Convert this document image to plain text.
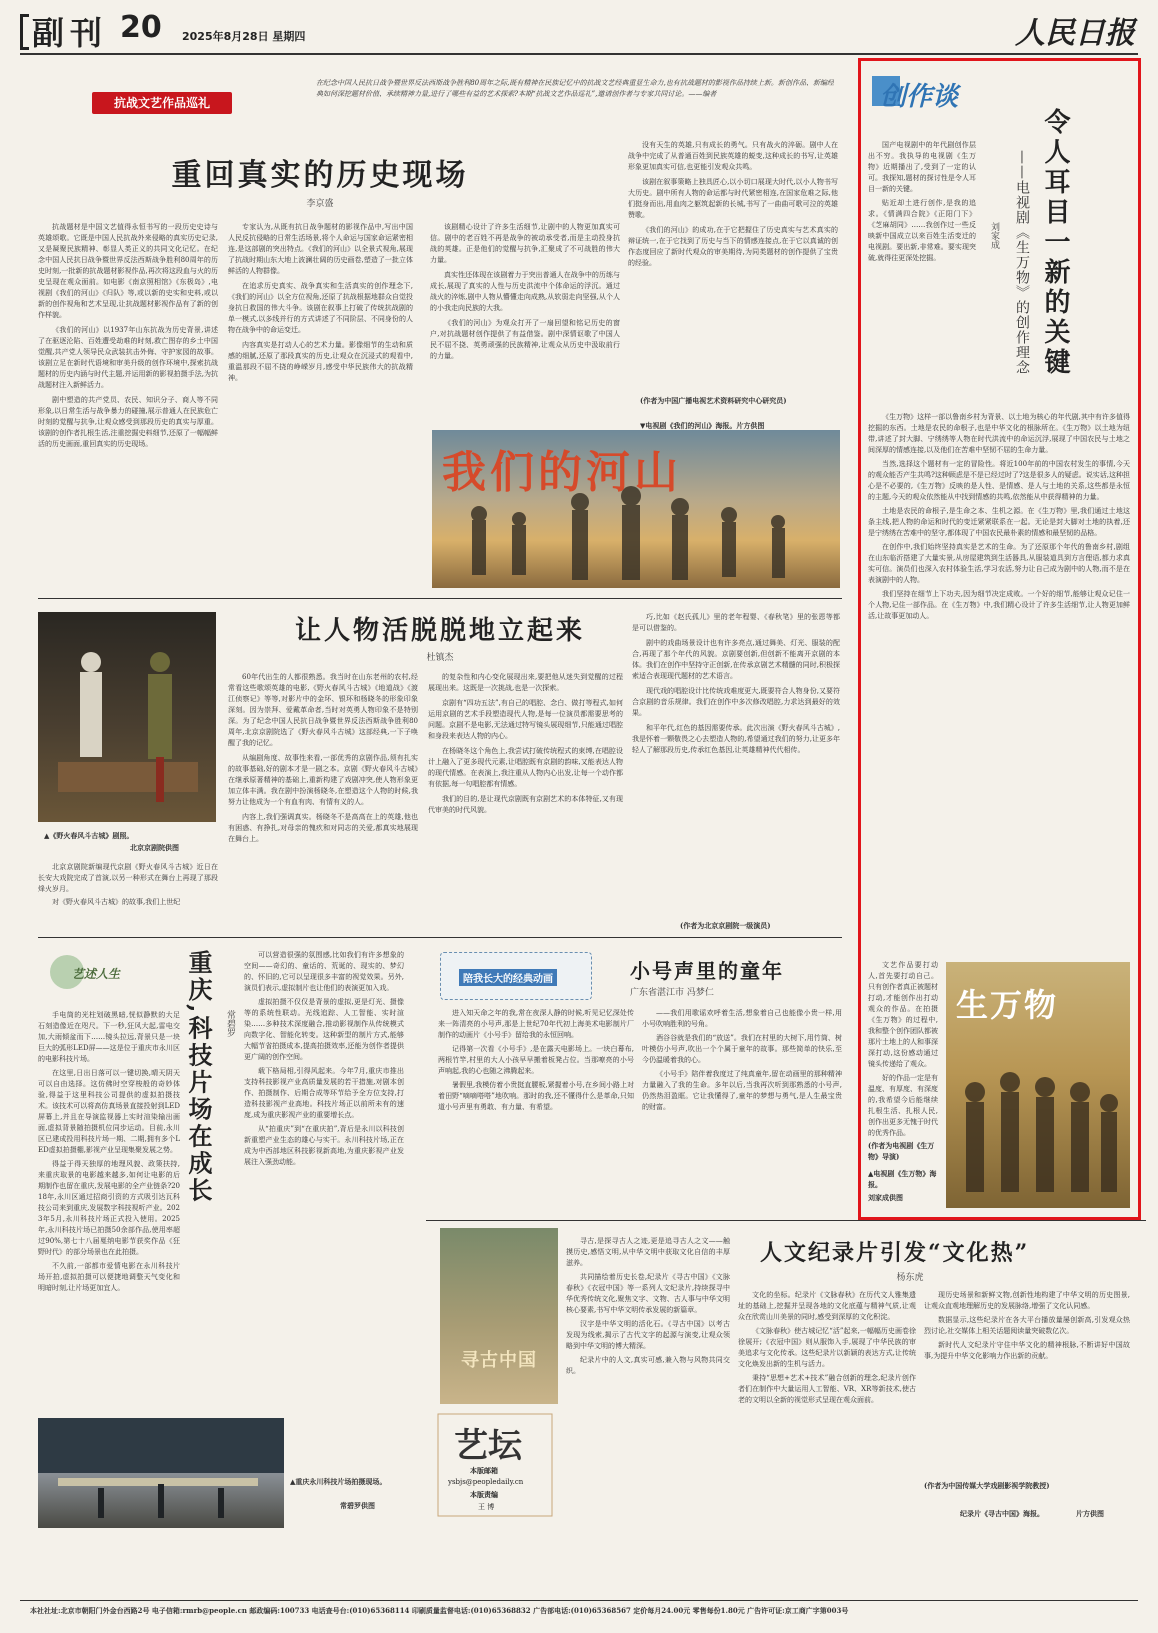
副刊 20 2025年8月28日 星期四	人民日报
抗战文艺作品巡礼
在纪念中国人民抗日战争暨世界反法西斯战争胜利80周年之际,既有精神在民族记忆中的抗战文艺经典重显生命力,也有抗战题材的影视作品持续上新。新创作品、新编经典如何深挖题材价值、承续精神力量,进行了哪些有益的艺术探索?本期“抗战文艺作品巡礼”,邀请创作者与专家共同讨论。——编者
重回真实的历史现场
李京盛

抗战题材是中国文艺值得永恒书写的一段历史史诗与英雄颂歌。它既是中国人民抗战外来侵略的真实历史记录,又是凝聚民族精神、彰显人类正义的共同文化记忆。在纪念中国人民抗日战争暨世界反法西斯战争胜利80周年的历史时刻,一批新的抗战题材影视作品,再次将这段血与火的历史呈现在观众面前。如电影《南京照相馆》《东极岛》,电视剧《我们的河山》《归队》等,或以新的史实和史料,或以新的创作视角和艺术呈现,让抗战题材影视作品有了新的创作样貌。

《我们的河山》以1937年山东抗战为历史背景,讲述了在驱逐沦陷、百姓遭受劫难的时刻,救亡图存的乡土中国觉醒,共产党人领导民众武装抗击外侮、守护家园的故事。该剧立足在新时代语境和审美升级的创作环境中,探索抗战题材的历史内涵与时代主题,并运用新的影视拍摄手法,为抗战题材注入新鲜活力。

剧中塑造的共产党员、农民、知识分子、商人等不同形象,以日常生活与战争暴力的碰撞,展示普通人在民族危亡时刻的觉醒与抗争,让观众感受到那段历史的真实与厚重。该剧的创作者扎根生活,注重挖掘史料细节,还原了一幅幅鲜活的历史画面,重回真实的历史现场。

专家认为,从既有抗日战争题材的影视作品中,写出中国人民反抗侵略的日常生活场景,将个人命运与国家命运紧密相连,是这部剧的突出特点。《我们的河山》以全景式视角,展现了抗战时期山东大地上波澜壮阔的历史画卷,塑造了一批立体鲜活的人物群像。

在追求历史真实、战争真实和生活真实的创作理念下,《我们的河山》以全方位视角,还原了抗战根据地群众自觉投身抗日救国的伟大斗争。该剧在叙事上打破了传统抗战剧的单一模式,以多线并行的方式讲述了不同阶层、不同身份的人物在战争中的命运变迁。

内容真实是打动人心的艺术力量。影像细节的生动和质感的细腻,还原了那段真实的历史,让观众在沉浸式的观看中,重温那段不屈不挠的峥嵘岁月,感受中华民族伟大的抗战精神。

该剧精心设计了许多生活细节,让剧中的人物更加真实可信。剧中的老百姓不再是战争的被动承受者,而是主动投身抗战的英雄。正是他们的觉醒与抗争,汇聚成了不可战胜的伟大力量。

真实性还体现在该剧着力于突出普通人在战争中的历练与成长,展现了真实的人性与历史洪流中个体命运的浮沉。通过战火的淬炼,剧中人物从懵懂走向成熟,从软弱走向坚强,从个人的小我走向民族的大我。

《我们的河山》为观众打开了一扇回望和铭记历史的窗户,对抗战题材创作提供了有益借鉴。剧中深情讴歌了中国人民不屈不挠、英勇顽强的民族精神,让观众从历史中汲取前行的力量。

没有天生的英雄,只有成长的勇气。只有战火的淬砺。剧中人在战争中完成了从普通百姓到民族英雄的蜕变,这种成长的书写,让英雄形象更加真实可信,也更能引发观众共鸣。

该剧在叙事策略上独具匠心,以小切口展现大时代,以小人物书写大历史。剧中所有人物的命运都与时代紧密相连,在国家危难之际,他们挺身而出,用血肉之躯筑起新的长城,书写了一曲曲可歌可泣的英雄赞歌。

《我们的河山》的成功,在于它把握住了历史真实与艺术真实的辩证统一,在于它找到了历史与当下的情感连接点,在于它以真诚的创作态度回应了新时代观众的审美期待,为同类题材的创作提供了宝贵的经验。

(作者为中国广播电视艺术资料研究中心研究员)
▼电视剧《我们的河山》海报。片方供图
我们的河山
让人物活脱脱地立起来
杜镇杰
▲《野火春风斗古城》剧照。
北京京剧院供图

北京京剧院新编现代京剧《野火春风斗古城》近日在长安大戏院完成了首演,以另一种形式在舞台上再现了那段烽火岁月。

对《野火春风斗古城》的故事,我们上世纪

60年代出生的人都很熟悉。我当时在山东老州的农村,经常看这些歌颂英雄的电影,《野火春风斗古城》《地道战》《渡江侦察记》等等,对影片中的金环、银环和杨晓冬的形象印象深刻。因为崇拜、爱戴革命者,当时对英勇人物印象不是特别深。为了纪念中国人民抗日战争暨世界反法西斯战争胜利80周年,北京京剧院选了《野火春风斗古城》这部经典,一下子唤醒了我的记忆。

从编剧角度、故事性来看,一部优秀的京剧作品,须有扎实的故事基础,好的剧本才是一剧之本。京剧《野火春风斗古城》在继承原著精神的基础上,重新构建了戏剧冲突,使人物形象更加立体丰满。我在剧中扮演杨晓冬,在塑造这个人物的时候,我努力让他成为一个有血有肉、有情有义的人。

内容上,我们强调真实。杨晓冬不是高高在上的英雄,他也有困惑、有挣扎,对母亲的愧疚和对同志的关爱,都真实地展现在舞台上。

的复杂性和内心变化展现出来,要把他从迷失到觉醒的过程展现出来。这既是一次挑战,也是一次探索。

京剧有“四功五法”,有自己的唱腔、念白、做打等程式,如何运用京剧的艺术手段塑造现代人物,是每一位演员都需要思考的问题。京剧不是电影,无法通过特写镜头展现细节,只能通过唱腔和身段来表达人物的内心。

在杨晓冬这个角色上,我尝试打破传统程式的束缚,在唱腔设计上融入了更多现代元素,让唱腔既有京剧的韵味,又能表达人物的现代情感。在表演上,我注重从人物内心出发,让每一个动作都有依据,每一句唱腔都有情感。

我们的目的,是让现代京剧既有京剧艺术的本体特征,又有现代审美的时代风貌。

巧,比如《赵氏孤儿》里的老年程婴、《春秋笔》里的张恩等都是可以借鉴的。

剧中的戏曲场景设计也有许多亮点,通过舞美、灯光、服装的配合,再现了那个年代的风貌。京剧要创新,但创新不能离开京剧的本体。我们在创作中坚持守正创新,在传承京剧艺术精髓的同时,积极探索适合表现现代题材的艺术语言。

现代戏的唱腔设计比传统戏难度更大,既要符合人物身份,又要符合京剧的音乐规律。我们在创作中多次修改唱腔,力求达到最好的效果。

和平年代,红色的基因需要传承。此次出演《野火春风斗古城》,我是怀着一颗敬畏之心去塑造人物的,希望通过我们的努力,让更多年轻人了解那段历史,传承红色基因,让英雄精神代代相传。

(作者为北京京剧院一级演员)
创作谈
令人耳目一新的关键
——电视剧《生万物》的创作理念
刘家成

国产电视剧中的年代剧创作层出不穷。我执导的电视剧《生万物》近期播出了,受到了一定的认可。我探知,题材的探讨性是令人耳目一新的关键。

贴近却土进行创作,是我的追求。《情满四合院》《正阳门下》《芝麻胡同》……我创作过一些反映新中国成立以来百姓生活变迁的电视剧。要出新,非常难。要实现突破,就得往更深处挖掘。

《生万物》这样一部以鲁南乡村为背景、以土地为核心的年代剧,其中有许多值得挖掘的东西。土地是农民的命根子,也是中华文化的根脉所在。《生万物》以土地为纽带,讲述了封大脚、宁绣绣等人物在时代洪流中的命运沉浮,展现了中国农民与土地之间深厚的情感连接,以及他们在苦难中坚韧不屈的生命力量。

当然,选择这个题材有一定的冒险性。将近100年前的中国农村发生的事情,今天的观众能否产生共鸣?这种顾虑是不是已经过时了?这是很多人的疑虑。说实话,这种担心是不必要的,《生万物》反映的是人性、是情感、是人与土地的关系,这些都是永恒的主题,今天的观众依然能从中找到情感的共鸣,依然能从中获得精神的力量。

土地是农民的命根子,是生命之本、生机之源。在《生万物》里,我们通过土地这条主线,把人物的命运和时代的变迁紧紧联系在一起。无论是封大脚对土地的执着,还是宁绣绣在苦难中的坚守,都体现了中国农民最朴素的情感和最坚韧的品格。

在创作中,我们始终坚持真实是艺术的生命。为了还原那个年代的鲁南乡村,剧组在山东临沂搭建了大量实景,从房屋建筑到生活器具,从服装道具到方言俚语,都力求真实可信。演员们也深入农村体验生活,学习农活,努力让自己成为剧中的人物,而不是在表演剧中的人物。

我们坚持在细节上下功夫,因为细节决定成败。一个好的细节,能够让观众记住一个人物,记住一部作品。在《生万物》中,我们精心设计了许多生活细节,让人物更加鲜活,让故事更加动人。

文艺作品要打动人,首先要打动自己。只有创作者真正被题材打动,才能创作出打动观众的作品。在拍摄《生万物》的过程中,我和整个创作团队都被那片土地上的人和事深深打动,这份感动通过镜头传递给了观众。

好的作品一定是有温度、有厚度、有深度的,我希望今后能继续扎根生活、扎根人民,创作出更多无愧于时代的优秀作品。

(作者为电视剧《生万物》导演)
▲电视剧《生万物》海报。
刘家成供图
生万物
艺述人生	重庆,科技片场在成长 常碧罗

手电筒的光柱划破黑暗,恍似静默的大足石刻造像近在咫尺。下一秒,狂风大起,雷电交加,大雨倾盆而下……镜头拉远,背景只是一块巨大的弧形LED屏——这是位于重庆市永川区的电影科技片场。

在这里,日出日落可以一键切换,晴天阴天可以自由选择。这仿佛时空穿梭般的奇妙体验,得益于这里科技公司提供的虚拟拍摄技术。该技术可以将高仿真场景直接投射到LED屏幕上,并且在导演监视器上实时渲染输出画面,虚拟背景随拍摄机位同步运动。目前,永川区已建成投用科技片场一期、二期,拥有多个LED虚拟拍摄棚,影视产业呈现集聚发展之势。

得益于得天独厚的地理风貌、政策扶持,来重庆取景的电影越来越多,如何让电影的后期制作也留在重庆,发展电影的全产业链条?2018年,永川区通过招商引资的方式吸引达瓦科技公司来到重庆,发展数字科技视听产业。2023年5月,永川科技片场正式投入使用。2025年,永川科技片场已拍摄50余部作品,使用率超过90%,第七十八届戛纳电影节获奖作品《狂野时代》的部分场景也在此拍摄。

不久前,一部都市爱情电影在永川科技片场开拍,虚拟拍摄可以便捷地调整天气变化和明暗时刻,让片场更加宜人。

可以营造很强的氛围感,比如我们有许多想象的空间——奇幻的、童话的、荒诞的、现实的、梦幻的、怀旧的,它可以呈现很多丰富的视觉效果。另外,演员们表示,虚拟制片也让他们的表演更加入戏。

虚拟拍摄不仅仅是背景的虚拟,更是灯光、摄像等的系统性联动。光线追踪、人工智能、实时渲染……多种技术深度融合,推动影视制作从传统模式向数字化、智能化转变。这种新型的制片方式,能够大幅节省拍摄成本,提高拍摄效率,还能为创作者提供更广阔的创作空间。

载下格局相,引得风起来。今年7月,重庆市推出支持科技影视产业高质量发展的若干措施,对剧本创作、拍摄制作、后期合成等环节给予全方位支持,打造科技影视产业高地。科技片场正以前所未有的速度,成为重庆影视产业的重要增长点。

从“拍重庆”到“在重庆拍”,背后是永川以科技创新重塑产业生态的雄心与实干。永川科技片场,正在成为中西部地区科技影视新高地,为重庆影视产业发展注入强劲动能。

▲重庆永川科技片场拍摄现场。
常碧罗供图
陪我长大的经典动画	小号声里的童年
广东省湛江市 冯梦仁

进入知天命之年的我,常在夜深人静的时候,听见记忆深处传来一阵清亮的小号声,那是上世纪70年代初上海美术电影制片厂制作的动画片《小号手》留给我的永恒回响。

记得第一次看《小号手》,是在露天电影场上。一块白幕布,两根竹竿,村里的大人小孩早早搬着板凳占位。当那嘹亮的小号声响起,我的心也随之沸腾起来。

暑假里,我模仿着小贵挺直腰板,紧握着小号,在乡间小路上对着田野“嘀嘀嗒嗒”地吹响。那时的我,还不懂得什么是革命,只知道小号声里有勇敢、有力量、有希望。

——我们用歌谣欢呼着生活,想象着自己也能像小贵一样,用小号吹响胜利的号角。

酒谷谷就是我们的“放送”。我们在村里的大树下,用竹筒、树叶模仿小号声,吹出一个个属于童年的故事。那些简单的快乐,至今仍温暖着我的心。

《小号手》陪伴着我度过了纯真童年,留在动画里的那种精神力量融入了我的生命。多年以后,当我再次听到那熟悉的小号声,仍然热泪盈眶。它让我懂得了,童年的梦想与勇气,是人生最宝贵的财富。

寻古中国
艺坛
本版邮箱
ysbjs@peopledaily.cn
本版责编
王 博
人文纪录片引发“文化热”
杨东虎

寻古,是探寻古人之迹,更是追寻古人之文——触摸历史,感悟文明,从中华文明中获取文化自信的丰厚滋养。

共同描绘着历史长卷,纪录片《寻古中国》《文脉春秋》《衣冠中国》等一系列人文纪录片,持续探寻中华优秀传统文化,聚焦文字、文物、古人事与中华文明核心要素,书写中华文明传承发展的新篇章。

汉字是中华文明的活化石。《寻古中国》以考古发现为线索,揭示了古代文字的起源与演变,让观众领略到中华文明的博大精深。

纪录片中的人文,真实可感,兼入物与风物共同交织。

文化的坐标。纪录片《文脉春秋》在历代文人雅集遗址的基础上,挖掘并呈现各地的文化底蕴与精神气质,让观众在欣赏山川美景的同时,感受到深厚的文化积淀。

《文脉春秋》使古城记忆“活”起来,一幅幅历史画卷徐徐展开;《衣冠中国》则从服饰入手,展现了中华民族的审美追求与文化传承。这些纪录片以新颖的表达方式,让传统文化焕发出新的生机与活力。

秉持“思想+艺术+技术”融合创新的理念,纪录片创作者们在制作中大量运用人工智能、VR、XR等新技术,使古老的文明以全新的视觉形式呈现在观众面前。

现历史场景和新鲜文物,创新性地构建了中华文明的历史图景,让观众直观地理解历史的发展脉络,增强了文化认同感。

数据显示,这些纪录片在各大平台播放量屡创新高,引发观众热烈讨论,社交媒体上相关话题阅读量突破数亿次。

新时代人文纪录片守住中华文化的精神根脉,不断讲好中国故事,为提升中华文化影响力作出新的贡献。

(作者为中国传媒大学戏剧影视学院教授)
纪录片《寻古中国》海报。	片方供图
本社社址:北京市朝阳门外金台西路2号 电子信箱:rmrb@people.cn 邮政编码:100733 电话查号台:(010)65368114 印刷质量监督电话:(010)65368832 广告部电话:(010)65368567 定价每月24.00元 零售每份1.80元 广告许可证:京工商广字第003号
